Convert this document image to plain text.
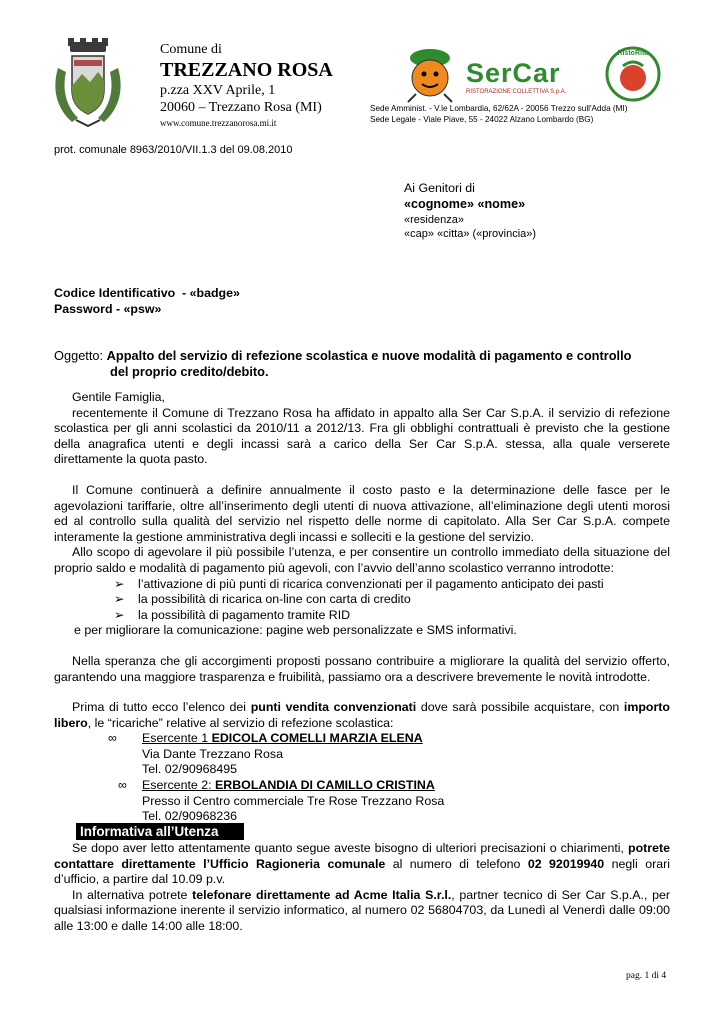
Comune di
TREZZANO ROSA
p.zza XXV Aprile, 1
20060 – Trezzano Rosa (MI)
www.comune.trezzanorosa.mi.it
SerCar
RISTORAZIONE COLLETTIVA S.p.A.
RistoRito
Sede Amminist. - V.le Lombardia, 62/62A - 20056 Trezzo sull'Adda (MI)
Sede Legale - Viale Piave, 55 - 24022 Alzano Lombardo (BG)
prot. comunale 8963/2010/VII.1.3 del 09.08.2010
Ai Genitori di
«cognome» «nome»
«residenza»
«cap» «citta» («provincia»)
Codice Identificativo  - «badge»
Password - «psw»
Oggetto: Appalto del servizio di refezione scolastica e nuove modalità di pagamento e controllo
del proprio credito/debito.
Gentile Famiglia,
recentemente il Comune di Trezzano Rosa ha affidato in appalto alla Ser Car S.p.A. il servizio di refezione scolastica per gli anni scolastici da 2010/11 a 2012/13. Fra gli obblighi contrattuali è previsto che la gestione della anagrafica utenti e degli incassi sarà a carico della Ser Car S.p.A. stessa, alla quale verserete direttamente la quota pasto.
Il Comune continuerà a definire annualmente il costo pasto e la determinazione delle fasce per le agevolazioni tariffarie, oltre all’inserimento degli utenti di nuova attivazione, all’eliminazione degli utenti morosi ed al controllo sulla qualità del servizio nel rispetto delle norme di capitolato. Alla Ser Car S.p.A. compete interamente la gestione amministrativa degli incassi e solleciti e la gestione del servizio.
Allo scopo di agevolare il più possibile l’utenza, e per consentire un controllo immediato della situazione del proprio saldo e modalità di pagamento più agevoli, con l’avvio dell’anno scolastico verranno introdotte:
➢	l’attivazione di più punti di ricarica convenzionati per il pagamento anticipato dei pasti
➢	la possibilità di ricarica on-line con carta di credito
➢	la possibilità di pagamento tramite RID
e per migliorare la comunicazione: pagine web personalizzate e SMS informativi.
Nella speranza che gli accorgimenti proposti possano contribuire a migliorare la qualità del servizio offerto, garantendo una maggiore trasparenza e fruibilità, passiamo ora a descrivere brevemente le novità introdotte.
Prima di tutto ecco l’elenco dei punti vendita convenzionati dove sarà possibile acquistare, con importo libero, le “ricariche” relative al servizio di refezione scolastica:
∞ Esercente 1 EDICOLA COMELLI MARZIA ELENA
Via Dante Trezzano Rosa
Tel. 02/90968495
∞ Esercente 2: ERBOLANDIA DI CAMILLO CRISTINA
Presso il Centro commerciale Tre Rose Trezzano Rosa
Tel. 02/90968236
Informativa all’Utenza
Se dopo aver letto attentamente quanto segue aveste bisogno di ulteriori precisazioni o chiarimenti, potrete contattare direttamente l’Ufficio Ragioneria comunale al numero di telefono 02 92019940 negli orari d’ufficio, a partire dal 10.09 p.v.
In alternativa potrete telefonare direttamente ad Acme Italia S.r.l., partner tecnico di Ser Car S.p.A., per qualsiasi informazione inerente il servizio informatico, al numero 02 56804703, da Lunedì al Venerdì dalle 09:00 alle 13:00 e dalle 14:00 alle 18:00.
pag. 1 di 4
